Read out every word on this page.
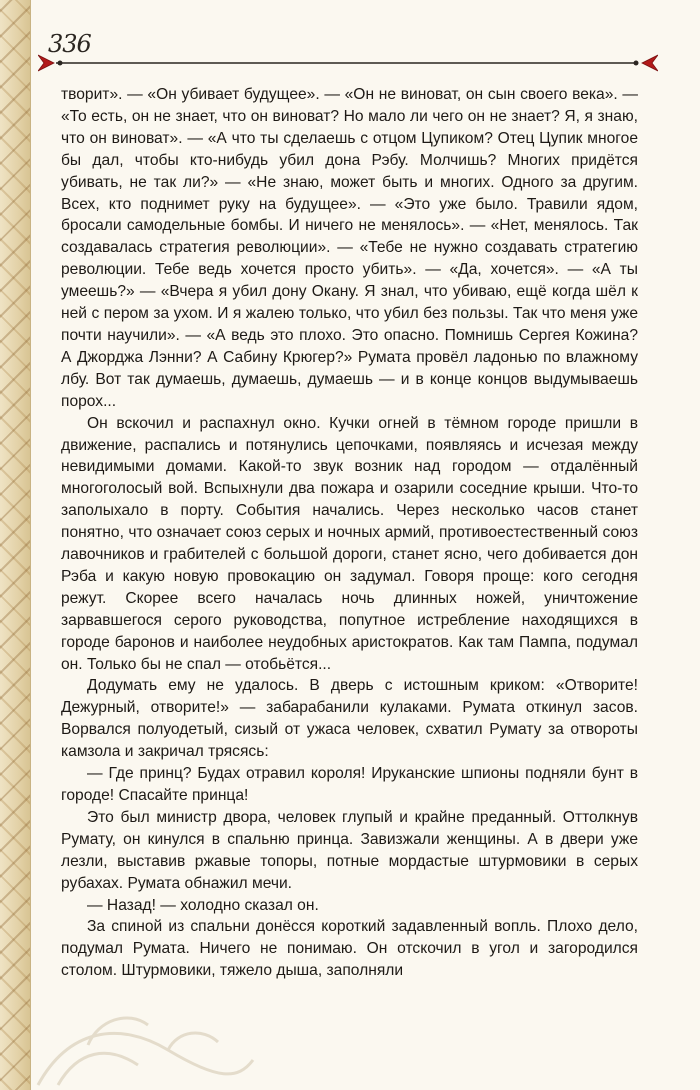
336

творит». — «Он убивает будущее». — «Он не виноват, он сын своего века». — «То есть, он не знает, что он виноват? Но мало ли чего он не знает? Я, я знаю, что он виноват». — «А что ты сделаешь с отцом Цупиком? Отец Цупик многое бы дал, чтобы кто-нибудь убил дона Рэбу. Молчишь? Многих придётся убивать, не так ли?» — «Не знаю, может быть и многих. Одного за другим. Всех, кто поднимет руку на будущее». — «Это уже было. Травили ядом, бросали самодельные бомбы. И ничего не менялось». — «Нет, менялось. Так создавалась стратегия революции». — «Тебе не нужно создавать стратегию революции. Тебе ведь хочется просто убить». — «Да, хочется». — «А ты умеешь?» — «Вчера я убил дону Окану. Я знал, что убиваю, ещё когда шёл к ней с пером за ухом. И я жалею только, что убил без пользы. Так что меня уже почти научили». — «А ведь это плохо. Это опасно. Помнишь Сергея Кожина? А Джорджа Лэнни? А Сабину Крюгер?» Румата провёл ладонью по влажному лбу. Вот так думаешь, думаешь, думаешь — и в конце концов выдумываешь порох...

Он вскочил и распахнул окно. Кучки огней в тёмном городе пришли в движение, распались и потянулись цепочками, появляясь и исчезая между невидимыми домами. Какой-то звук возник над городом — отдалённый многоголосый вой. Вспыхнули два пожара и озарили соседние крыши. Что-то заполыхало в порту. События начались. Через несколько часов станет понятно, что означает союз серых и ночных армий, противоестественный союз лавочников и грабителей с большой дороги, станет ясно, чего добивается дон Рэба и какую новую провокацию он задумал. Говоря проще: кого сегодня режут. Скорее всего началась ночь длинных ножей, уничтожение зарвавшегося серого руководства, попутное истребление находящихся в городе баронов и наиболее неудобных аристократов. Как там Пампа, подумал он. Только бы не спал — отобьётся...

Додумать ему не удалось. В дверь с истошным криком: «Отворите! Дежурный, отворите!» — забарабанили кулаками. Румата откинул засов. Ворвался полуодетый, сизый от ужаса человек, схватил Румату за отвороты камзола и закричал трясясь:

— Где принц? Будах отравил короля! Ируканские шпионы подняли бунт в городе! Спасайте принца!

Это был министр двора, человек глупый и крайне преданный. Оттолкнув Румату, он кинулся в спальню принца. Завизжали женщины. А в двери уже лезли, выставив ржавые топоры, потные мордастые штурмовики в серых рубахах. Румата обнажил мечи.

— Назад! — холодно сказал он.

За спиной из спальни донёсся короткий задавленный вопль. Плохо дело, подумал Румата. Ничего не понимаю. Он отскочил в угол и загородился столом. Штурмовики, тяжело дыша, заполняли
